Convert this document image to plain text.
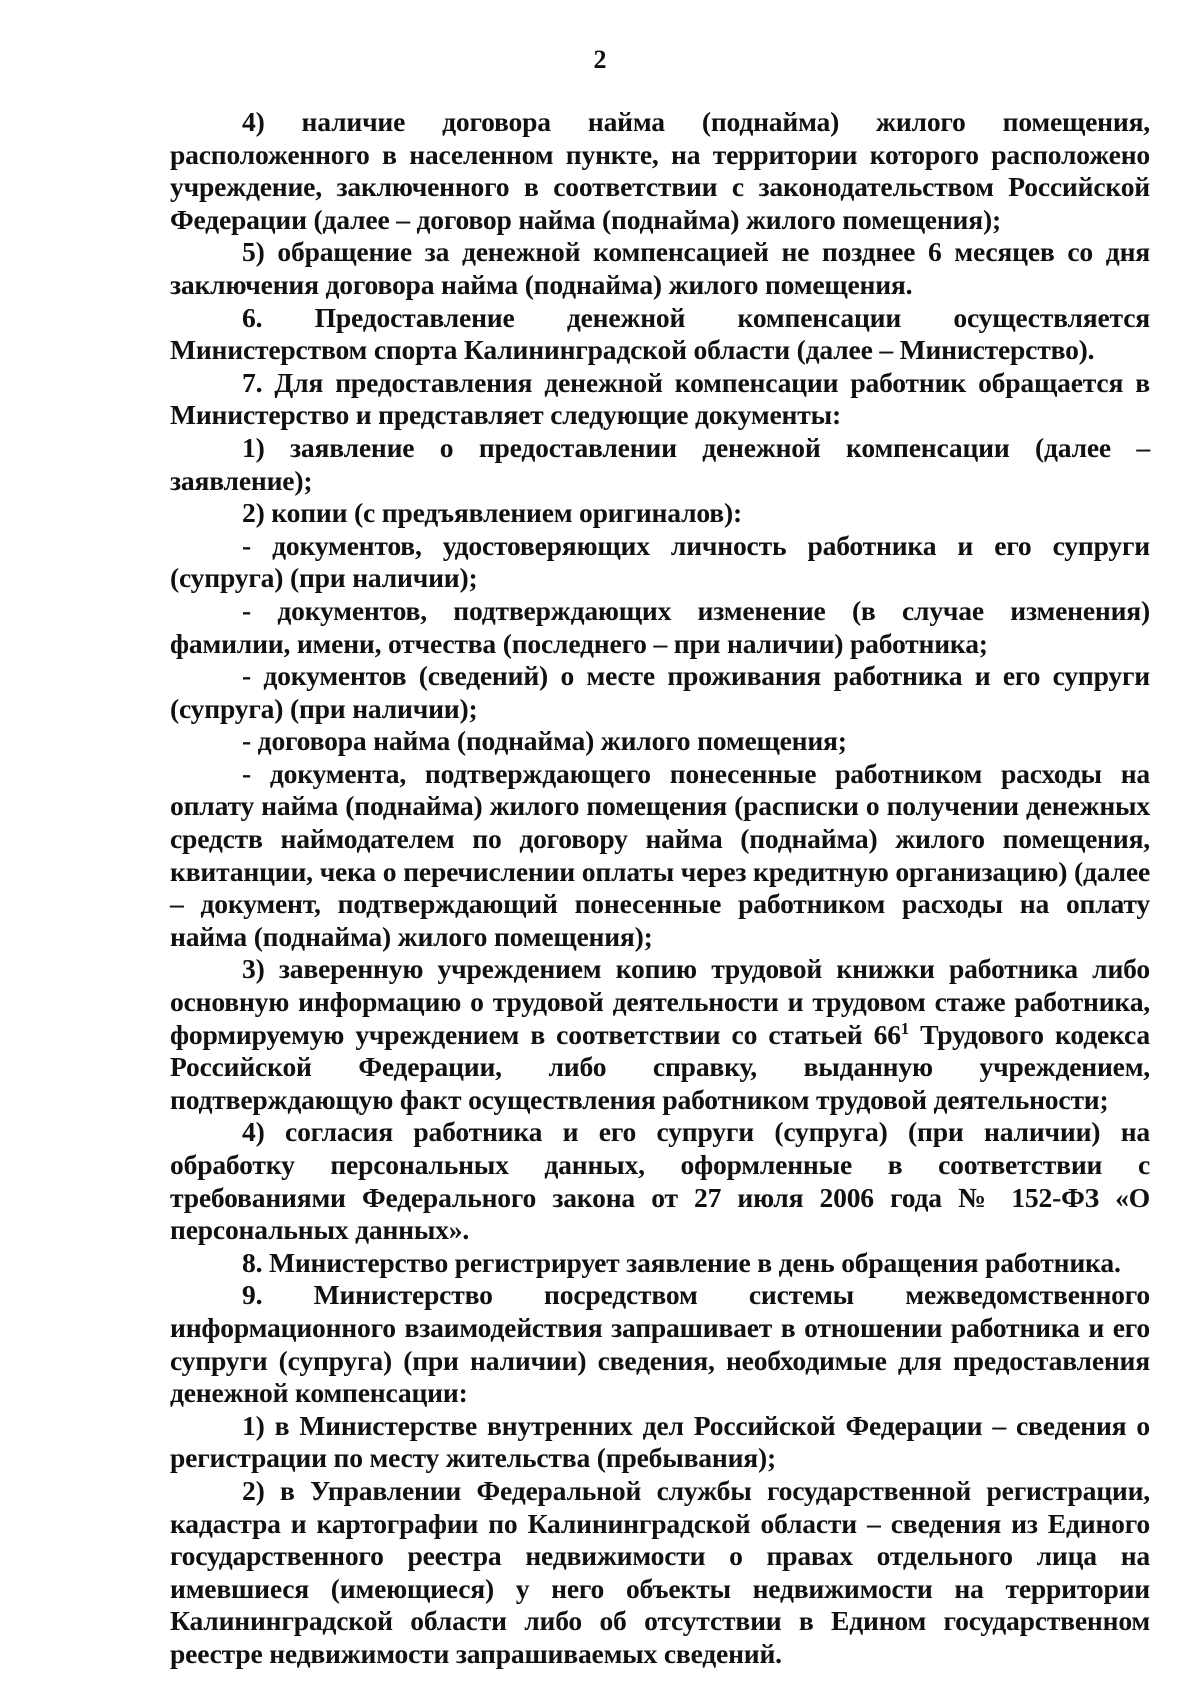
2

4) наличие договора найма (поднайма) жилого помещения, расположенного в населенном пункте, на территории которого расположено учреждение, заключенного в соответствии с законодательством Российской Федерации (далее – договор найма (поднайма) жилого помещения);

5) обращение за денежной компенсацией не позднее 6 месяцев со дня заключения договора найма (поднайма) жилого помещения.

6. Предоставление денежной компенсации осуществляется Министерством спорта Калининградской области (далее – Министерство).

7. Для предоставления денежной компенсации работник обращается в Министерство и представляет следующие документы:

1) заявление о предоставлении денежной компенсации (далее – заявление);

2) копии (с предъявлением оригиналов):

- документов, удостоверяющих личность работника и его супруги (супруга) (при наличии);

- документов, подтверждающих изменение (в случае изменения) фамилии, имени, отчества (последнего – при наличии) работника;

- документов (сведений) о месте проживания работника и его супруги (супруга) (при наличии);

- договора найма (поднайма) жилого помещения;

- документа, подтверждающего понесенные работником расходы на оплату найма (поднайма) жилого помещения (расписки о получении денежных средств наймодателем по договору найма (поднайма) жилого помещения, квитанции, чека о перечислении оплаты через кредитную организацию) (далее – документ, подтверждающий понесенные работником расходы на оплату найма (поднайма) жилого помещения);

3) заверенную учреждением копию трудовой книжки работника либо основную информацию о трудовой деятельности и трудовом стаже работника, формируемую учреждением в соответствии со статьей $66^1$ Трудового кодекса Российской Федерации, либо справку, выданную учреждением, подтверждающую факт осуществления работником трудовой деятельности;

4) согласия работника и его супруги (супруга) (при наличии) на обработку персональных данных, оформленные в соответствии с требованиями Федерального закона от 27 июля 2006 года № 152-ФЗ «О персональных данных».

8. Министерство регистрирует заявление в день обращения работника.

9. Министерство посредством системы межведомственного информационного взаимодействия запрашивает в отношении работника и его супруги (супруга) (при наличии) сведения, необходимые для предоставления денежной компенсации:

1) в Министерстве внутренних дел Российской Федерации – сведения о регистрации по месту жительства (пребывания);

2) в Управлении Федеральной службы государственной регистрации, кадастра и картографии по Калининградской области – сведения из Единого государственного реестра недвижимости о правах отдельного лица на имевшиеся (имеющиеся) у него объекты недвижимости на территории Калининградской области либо об отсутствии в Едином государственном реестре недвижимости запрашиваемых сведений.
